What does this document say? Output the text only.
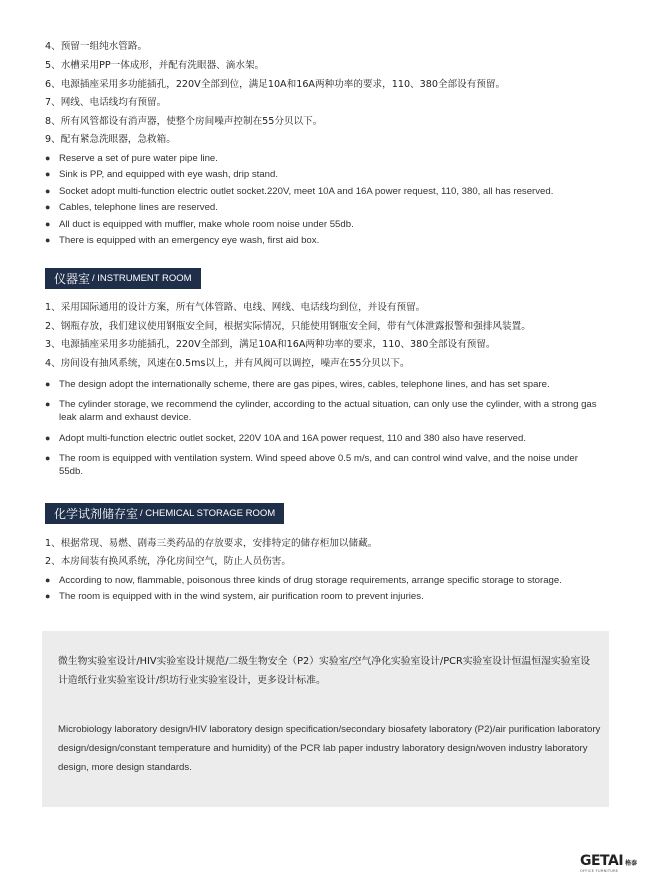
4、预留一组纯水管路。
5、水槽采用PP一体成形，并配有洗眼器、滴水架。
6、电源插座采用多功能插孔，220V全部到位，满足10A和16A两种功率的要求，110、380全部设有预留。
7、网线、电话线均有预留。
8、所有风管都设有消声器，使整个房间噪声控制在55分贝以下。
9、配有紧急洗眼器，急救箱。
● Reserve a set of pure water pipe line.
● Sink is PP, and equipped with eye wash, drip stand.
● Socket adopt multi-function electric outlet socket.220V, meet 10A and 16A power request, 110, 380, all has reserved.
● Cables, telephone lines are reserved.
● All duct is equipped with muffler, make whole room noise under 55db.
● There is equipped with an emergency eye wash, first aid box.
仪器室 / INSTRUMENT ROOM
1、采用国际通用的设计方案，所有气体管路、电线、网线、电话线均到位，并设有预留。
2、钢瓶存放，我们建议使用钢瓶安全间，根据实际情况，只能使用钢瓶安全间，带有气体泄露报警和强排风装置。
3、电源插座采用多功能插孔，220V全部到，满足10A和16A两种功率的要求，110、380全部设有预留。
4、房间设有抽风系统，风速在0.5ms以上，并有风阀可以调控，噪声在55分贝以下。
● The design adopt the internationally scheme, there are gas pipes, wires, cables, telephone lines, and has set spare.
● The cylinder storage, we recommend the cylinder, according to the actual situation, can only use the cylinder, with a strong gas leak alarm and exhaust device.
● Adopt multi-function electric outlet socket, 220V 10A and 16A power request, 110 and 380 also have reserved.
● The room is equipped with ventilation system. Wind speed above 0.5 m/s, and can control wind valve, and the noise under 55db.
化学试剂储存室 / CHEMICAL STORAGE ROOM
1、根据常现、易燃、剧毒三类药品的存放要求，安排特定的储存柜加以储藏。
2、本房间装有换风系统，净化房间空气，防止人员伤害。
● According to now, flammable, poisonous three kinds of drug storage requirements, arrange specific storage to storage.
● The room is equipped with in the wind system, air purification room to prevent injuries.
微生物实验室设计/HIV实验室设计规范/二级生物安全（P2）实验室/空气净化实验室设计/PCR实验室设计恒温恒湿实验室设计造纸行业实验室设计/织坊行业实验室设计，更多设计标准。
Microbiology laboratory design/HIV laboratory design specification/secondary biosafety laboratory (P2)/air purification laboratory design/design/constant temperature and humidity) of the PCR lab paper industry laboratory design/woven industry laboratory design, more design standards.
GETAI 格泰
OFFICE FURNITURE
